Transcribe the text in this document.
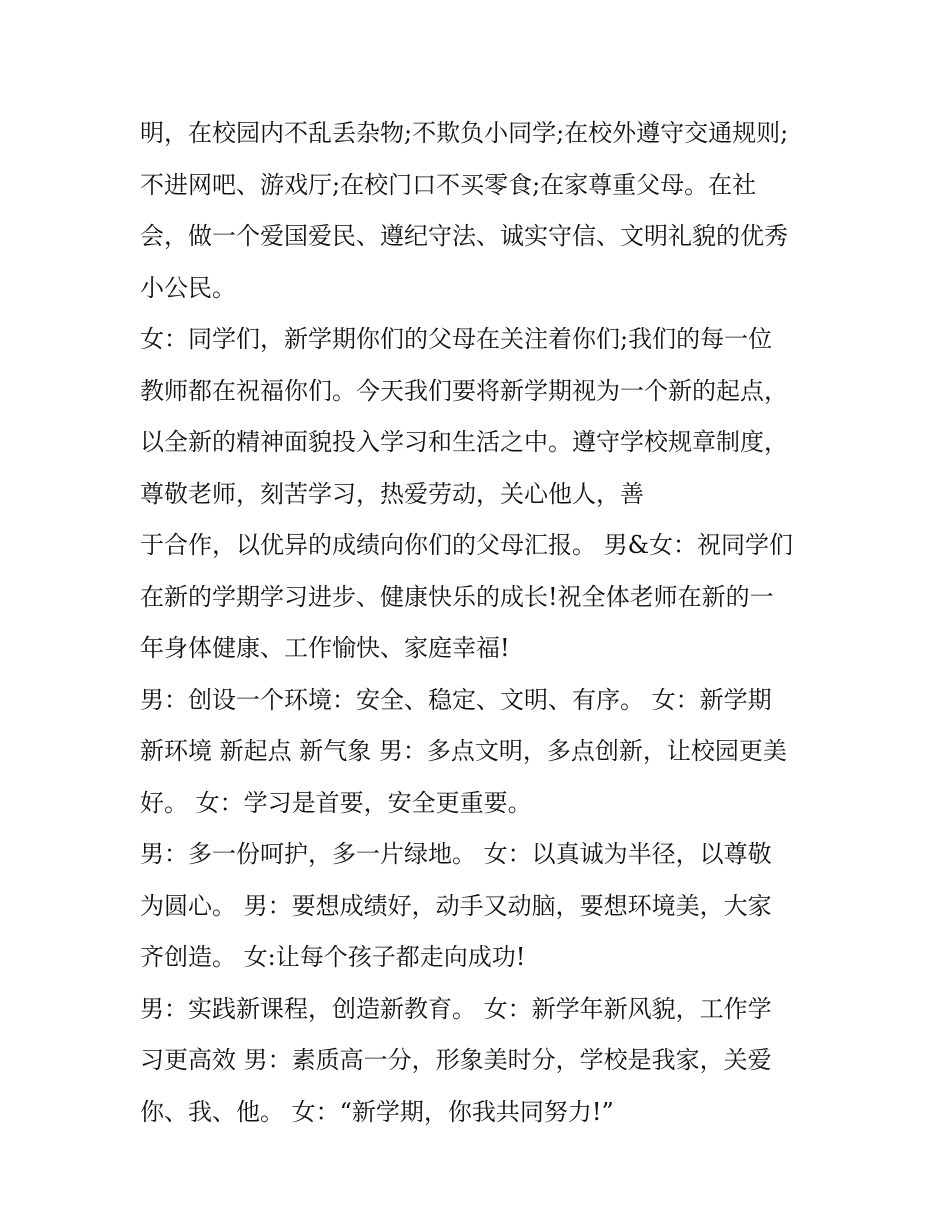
明，在校园内不乱丢杂物;不欺负小同学;在校外遵守交通规则;
不进网吧、游戏厅;在校门口不买零食;在家尊重父母。在社
会，做一个爱国爱民、遵纪守法、诚实守信、文明礼貌的优秀
小公民。
女：同学们，新学期你们的父母在关注着你们;我们的每一位
教师都在祝福你们。今天我们要将新学期视为一个新的起点，
以全新的精神面貌投入学习和生活之中。遵守学校规章制度，
尊敬老师，刻苦学习，热爱劳动，关心他人，善
于合作，以优异的成绩向你们的父母汇报。 男&女：祝同学们
在新的学期学习进步、健康快乐的成长!祝全体老师在新的一
年身体健康、工作愉快、家庭幸福!
男：创设一个环境：安全、稳定、文明、有序。 女：新学期
新环境 新起点 新气象 男：多点文明，多点创新，让校园更美
好。 女：学习是首要，安全更重要。
男：多一份呵护，多一片绿地。 女：以真诚为半径，以尊敬
为圆心。 男：要想成绩好，动手又动脑，要想环境美，大家
齐创造。 女:让每个孩子都走向成功!
男：实践新课程，创造新教育。 女：新学年新风貌，工作学
习更高效 男：素质高一分，形象美时分，学校是我家，关爱
你、我、他。 女：“新学期，你我共同努力!”
